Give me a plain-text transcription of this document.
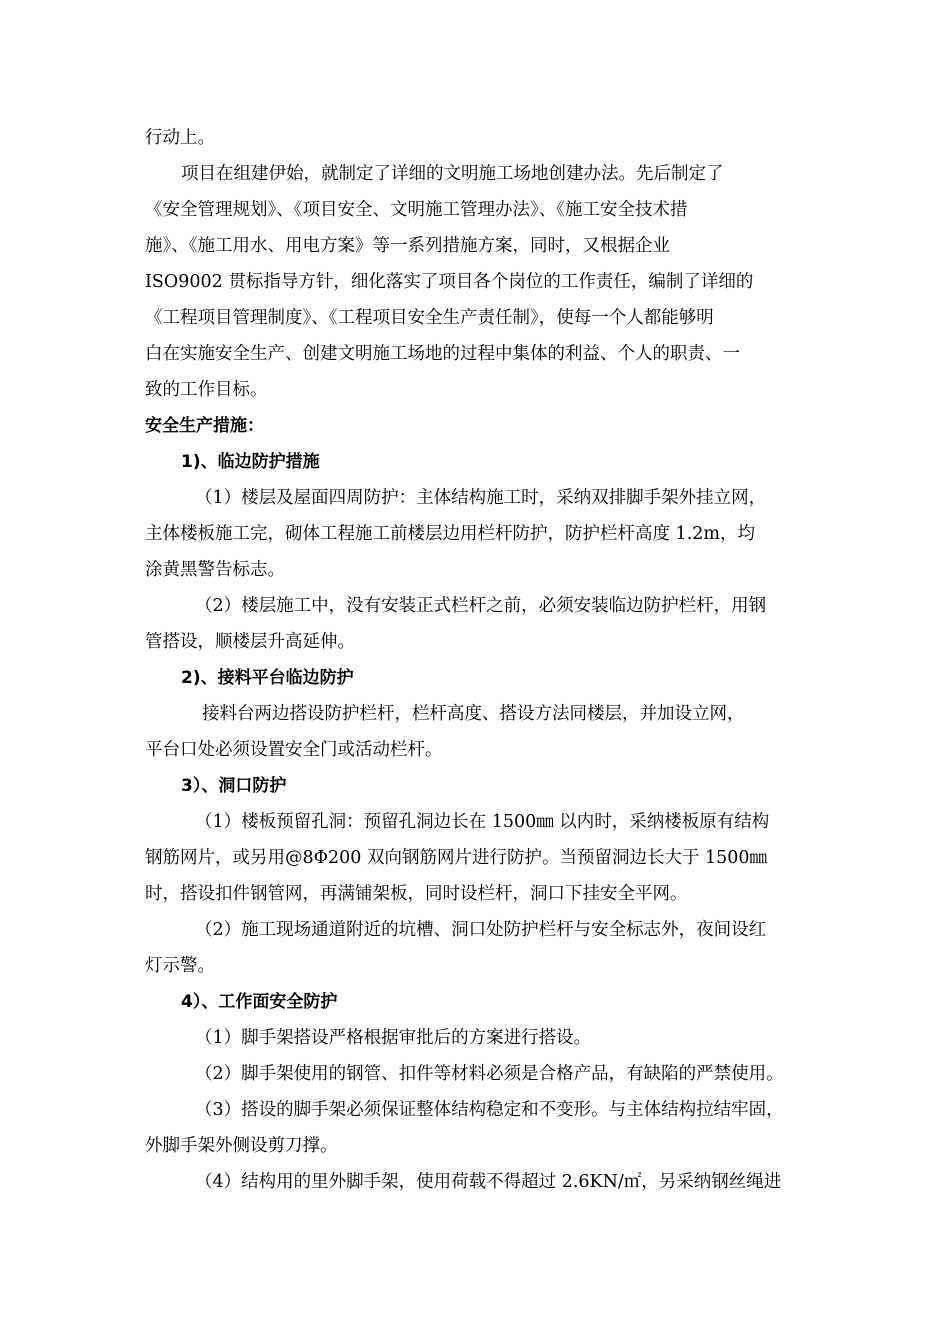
行动上。
项目在组建伊始，就制定了详细的文明施工场地创建办法。先后制定了
《安全管理规划》、《项目安全、文明施工管理办法》、《施工安全技术措
施》、《施工用水、用电方案》等一系列措施方案，同时，又根据企业
ISO9002 贯标指导方针，细化落实了项目各个岗位的工作责任，编制了详细的
《工程项目管理制度》、《工程项目安全生产责任制》，使每一个人都能够明
白在实施安全生产、创建文明施工场地的过程中集体的利益、个人的职责、一
致的工作目标。
安全生产措施：
1)、临边防护措施
（1）楼层及屋面四周防护：主体结构施工时，采纳双排脚手架外挂立网，
主体楼板施工完，砌体工程施工前楼层边用栏杆防护，防护栏杆高度 1.2m，均
涂黄黑警告标志。
（2）楼层施工中，没有安装正式栏杆之前，必须安装临边防护栏杆，用钢
管搭设，顺楼层升高延伸。
2)、接料平台临边防护
接料台两边搭设防护栏杆，栏杆高度、搭设方法同楼层，并加设立网，
平台口处必须设置安全门或活动栏杆。
3）、洞口防护
（1）楼板预留孔洞：预留孔洞边长在 1500㎜ 以内时，采纳楼板原有结构
钢筋网片，或另用@8Φ200 双向钢筋网片进行防护。当预留洞边长大于 1500㎜
时，搭设扣件钢管网，再满铺架板，同时设栏杆，洞口下挂安全平网。
（2）施工现场通道附近的坑槽、洞口处防护栏杆与安全标志外，夜间设红
灯示警。
4）、工作面安全防护
（1）脚手架搭设严格根据审批后的方案进行搭设。
（2）脚手架使用的钢管、扣件等材料必须是合格产品，有缺陷的严禁使用。
（3）搭设的脚手架必须保证整体结构稳定和不变形。与主体结构拉结牢固，
外脚手架外侧设剪刀撑。
（4）结构用的里外脚手架，使用荷载不得超过 2.6KN/㎡，另采纳钢丝绳进
